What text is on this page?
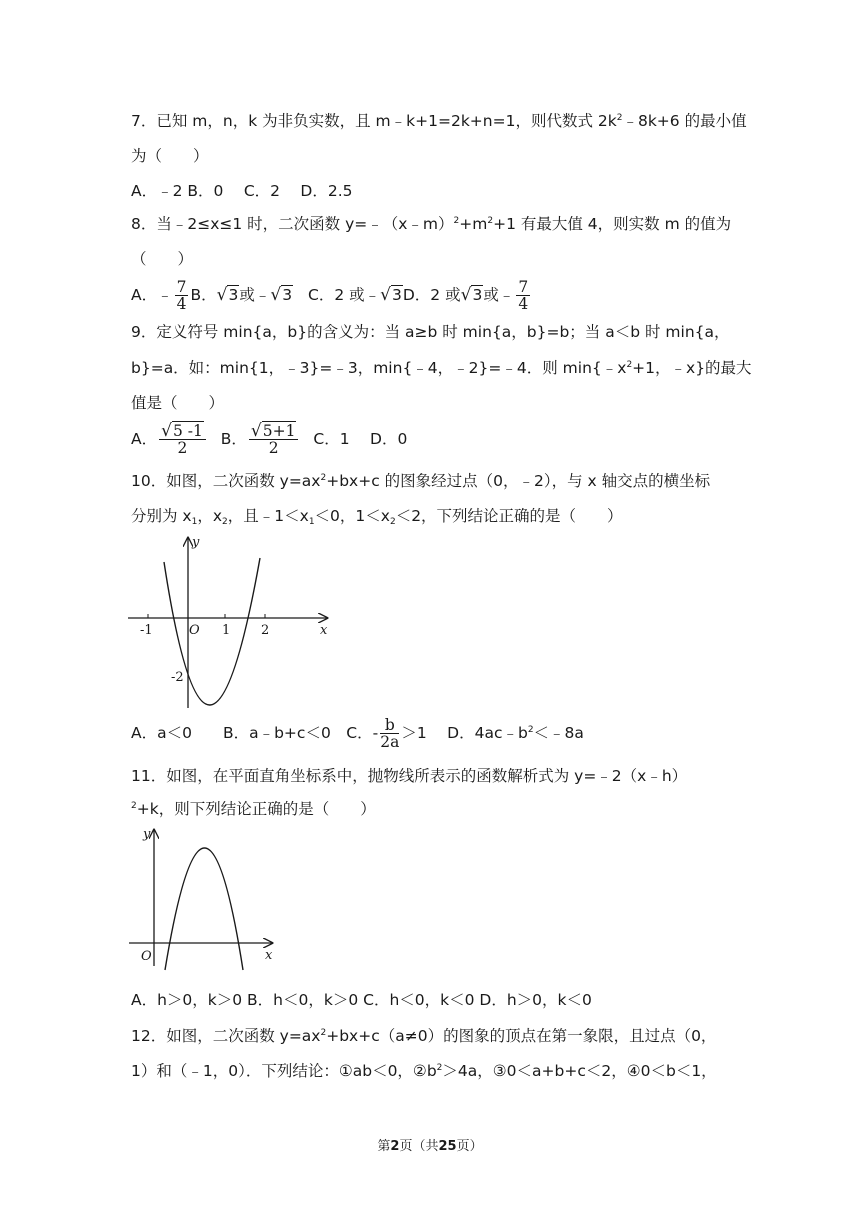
7．已知 m，n，k 为非负实数，且 m﹣k+1=2k+n=1，则代数式 $2k^2﹣8k+6$ 的最小值
为（　　）
A．﹣2 B．0　 C．2　 D．2.5
8．当﹣2≤x≤1 时，二次函数 $y=﹣(x﹣m)^2+m^2+1$ 有最大值 4，则实数 m 的值为
（　　）
A．﹣ $\frac{7}{4}$ B．√3或﹣√3 C．2 或﹣√3D．2 或√3或﹣ $\frac{7}{4}$
9．定义符号 min{a，b}的含义为：当 a≥b 时 min{a，b}=b；当 a＜b 时 min{a，
b}=a．如：min{1，﹣3}=﹣3，min{﹣4，﹣2}=﹣4．则 $\min\{﹣x^2+1$，﹣x}的最大
值是（　　）
A． $\frac{√5 -1}{2}$ B． $\frac{√5+1}{2}$ C．1　 D．0
10．如图，二次函数 $y=ax^2+bx+c$ 的图象经过点（0，﹣2），与 x 轴交点的横坐标
分别为 $x_1$，$x_2$，且$﹣1<x_1<0$，$1<x_2<2$，下列结论正确的是（　　）
y
x
O
-1	1 2
-2
A．a＜0　　B．a﹣b+c＜0　C．- $\frac{b}{2a} >1$ 　D．$4ac﹣b^2<﹣8a$
11．如图，在平面直角坐标系中，抛物线所表示的函数解析式为 y=﹣2（x﹣h）
$^2$+k，则下列结论正确的是（　　）
y
x
O
A．h＞0，k＞0 B．h＜0，k＞0 C．h＜0，k＜0 D．h＞0，k＜0
12．如图，二次函数 $y=ax^2+bx+c(a\ne 0)$的图象的顶点在第一象限，且过点（0，
1）和（﹣1，0）．下列结论：①ab＜0，$②b^2>4a$，③0＜a+b+c＜2，④0＜b＜1，
第2页（共25页）
